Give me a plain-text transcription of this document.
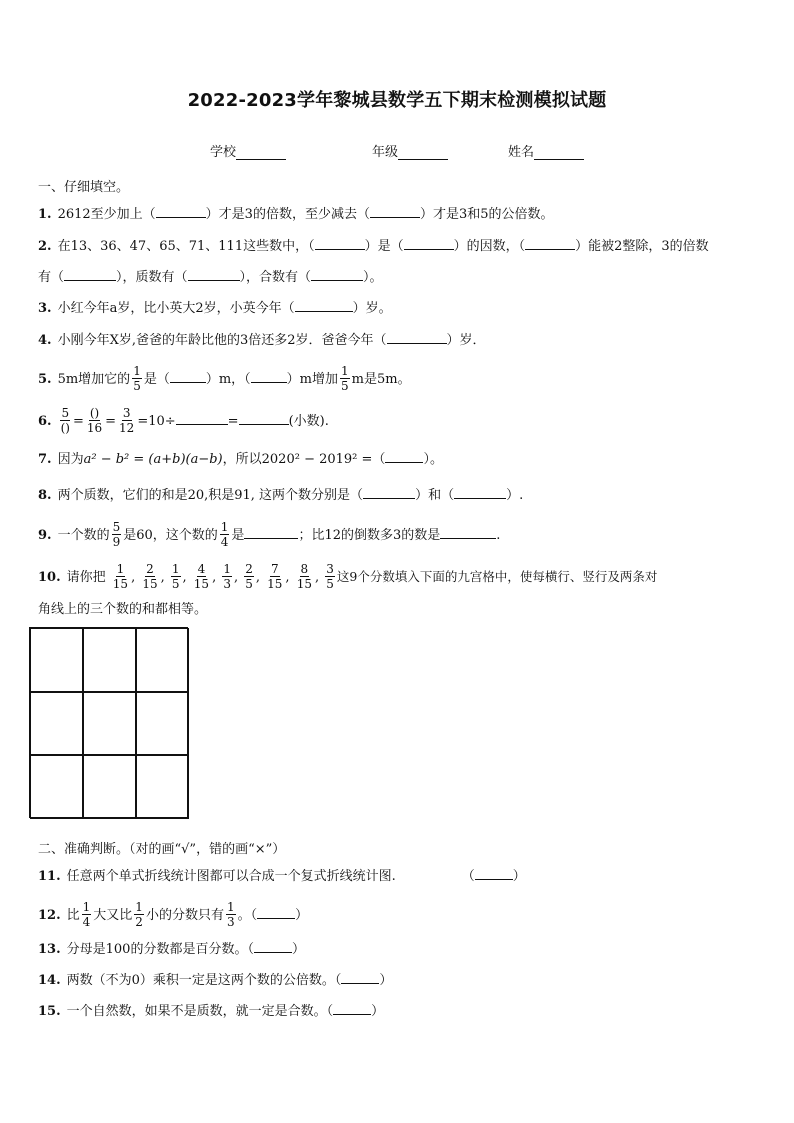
2022-2023学年黎城县数学五下期末检测模拟试题
学校	年级	姓名
一、仔细填空。
1. 2612至少加上（	）才是3的倍数，至少减去（	）才是3和5的公倍数。
2. 在13、36、47、65、71、111这些数中，（	）是（	）的因数，（	）能被2整除，3的倍数
有（	），质数有（	），合数有（	）。
3. 小红今年a岁，比小英大2岁，小英今年（	）岁。
4. 小刚今年X岁,爸爸的年龄比他的3倍还多2岁．爸爸今年（	）岁．
5. 5m增加它的 $\frac{1}{5}$ 是（	）m，（	）m增加 $\frac{1}{5}$ m是5m。
6. $\frac{5}{()} = \frac{()}{16} = \frac{3}{12} =10\div$	=	(小数).
7. 因为a² − b² = (a+b)(a−b)，所以2020² − 2019² =（	）。
8. 两个质数，它们的和是20,积是91, 这两个数分别是（	）和（	）.
9. 一个数的 $\frac{5}{9}$ 是60，这个数的 $\frac{1}{4}$ 是	；比12的倒数多3的数是	.
10. 请你把 $\frac{1}{15}$ , $\frac{2}{15}$ , $\frac{1}{5}$ , $\frac{4}{15}$ , $\frac{1}{3}$ , $\frac{2}{5}$ , $\frac{7}{15}$ , $\frac{8}{15}$ , $\frac{3}{5}$ 这9个分数填入下面的九宫格中，使每横行、竖行及两条对
角线上的三个数的和都相等。
二、准确判断。（对的画“√”，错的画“×”）
11. 任意两个单式折线统计图都可以合成一个复式折线统计图.	（	）
12. 比 $\frac{1}{4}$ 大又比 $\frac{1}{2}$ 小的分数只有 $\frac{1}{3}$ 。（	）
13. 分母是100的分数都是百分数。（	）
14. 两数（不为0）乘积一定是这两个数的公倍数。（	）
15. 一个自然数，如果不是质数，就一定是合数。（	）
